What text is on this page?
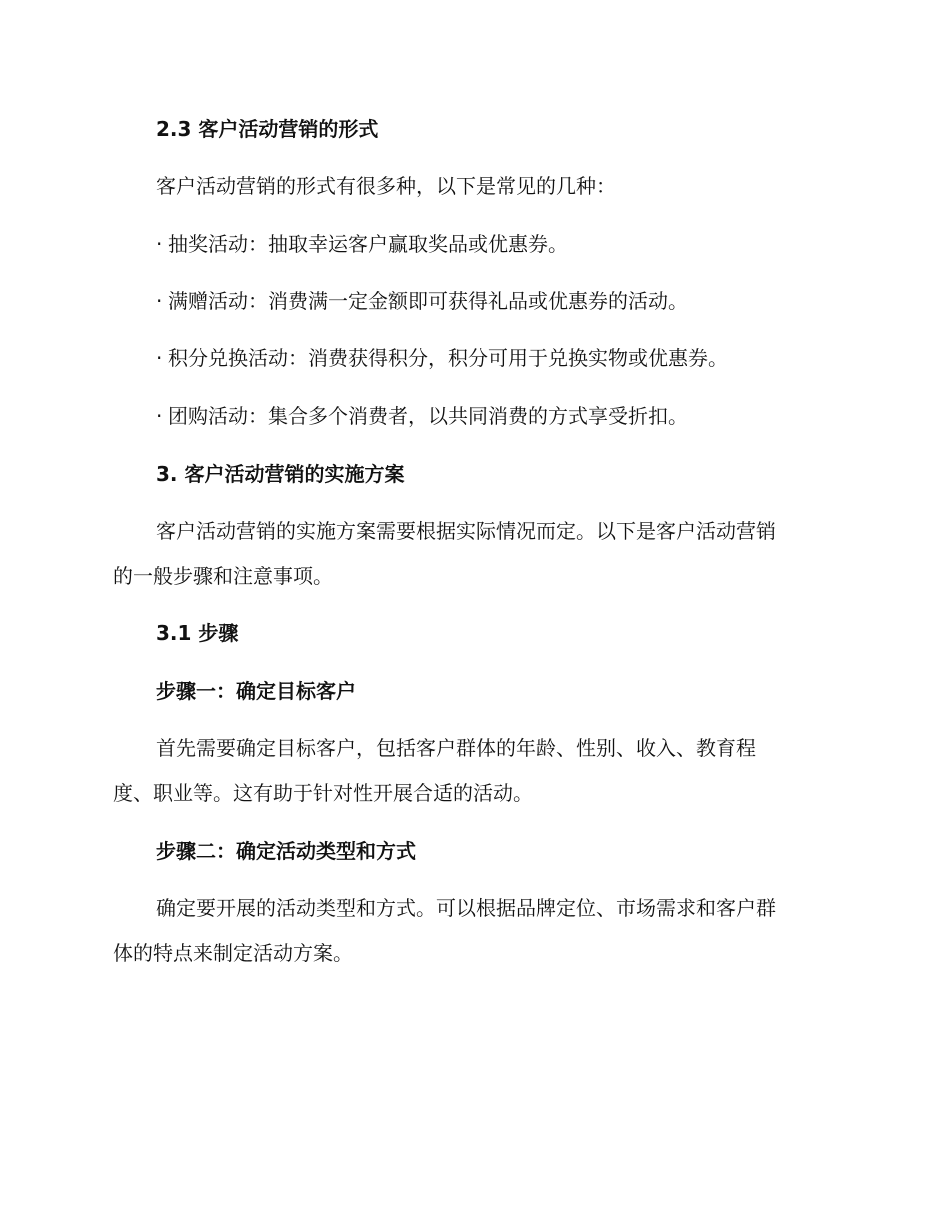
2.3 客户活动营销的形式

客户活动营销的形式有很多种，以下是常见的几种：

· 抽奖活动：抽取幸运客户赢取奖品或优惠券。

· 满赠活动：消费满一定金额即可获得礼品或优惠券的活动。

· 积分兑换活动：消费获得积分，积分可用于兑换实物或优惠券。

· 团购活动：集合多个消费者，以共同消费的方式享受折扣。

3. 客户活动营销的实施方案

客户活动营销的实施方案需要根据实际情况而定。以下是客户活动营销

的一般步骤和注意事项。

3.1 步骤

步骤一：确定目标客户

首先需要确定目标客户，包括客户群体的年龄、性别、收入、教育程

度、职业等。这有助于针对性开展合适的活动。

步骤二：确定活动类型和方式

确定要开展的活动类型和方式。可以根据品牌定位、市场需求和客户群

体的特点来制定活动方案。
